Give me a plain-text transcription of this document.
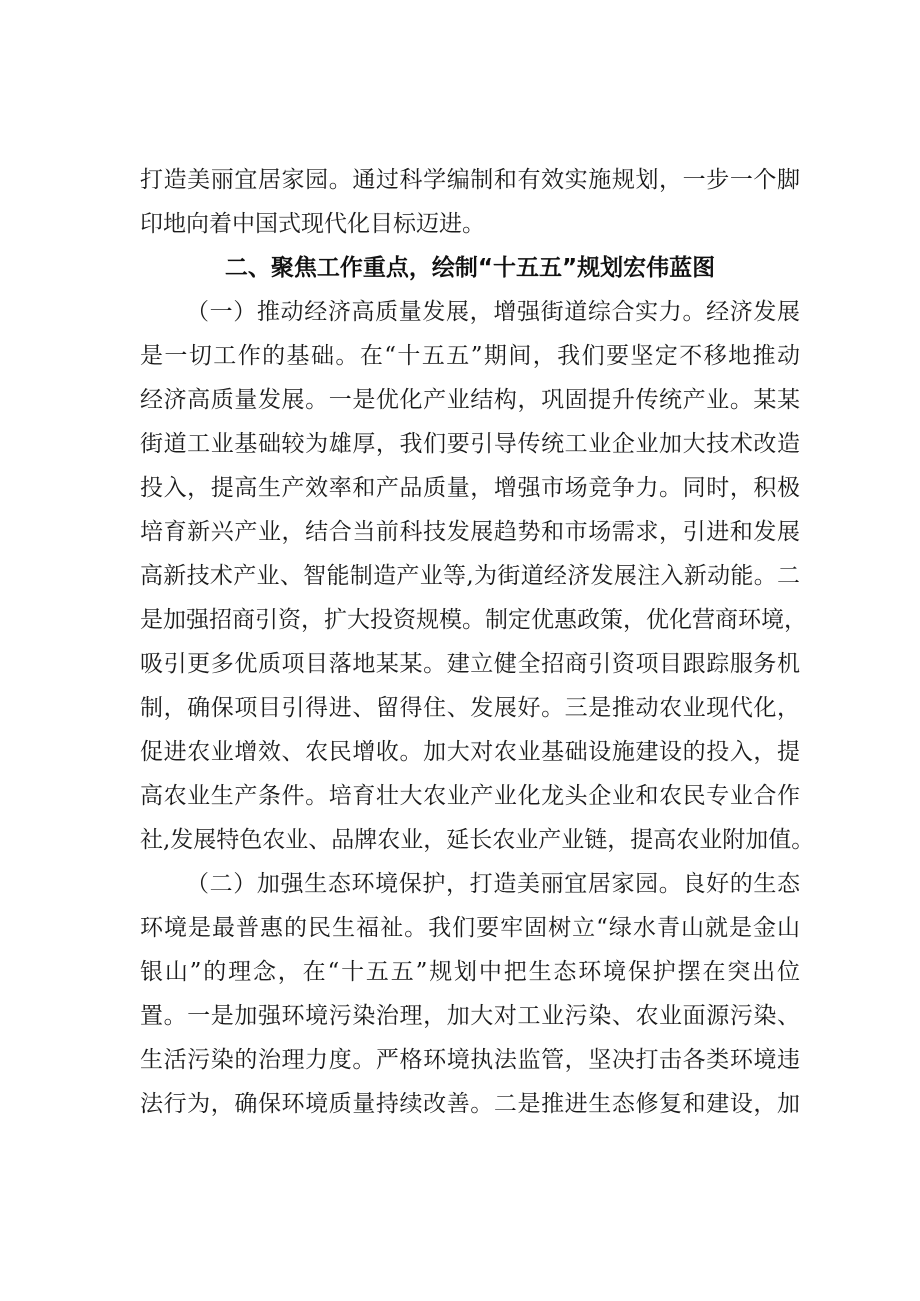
打造美丽宜居家园。通过科学编制和有效实施规划，一步一个脚
印地向着中国式现代化目标迈进。
二、聚焦工作重点，绘制“十五五”规划宏伟蓝图
（一）推动经济高质量发展，增强街道综合实力。经济发展
是一切工作的基础。在“十五五”期间，我们要坚定不移地推动
经济高质量发展。一是优化产业结构，巩固提升传统产业。某某
街道工业基础较为雄厚，我们要引导传统工业企业加大技术改造
投入，提高生产效率和产品质量，增强市场竞争力。同时，积极
培育新兴产业，结合当前科技发展趋势和市场需求，引进和发展
高新技术产业、智能制造产业等,为街道经济发展注入新动能。二
是加强招商引资，扩大投资规模。制定优惠政策，优化营商环境，
吸引更多优质项目落地某某。建立健全招商引资项目跟踪服务机
制，确保项目引得进、留得住、发展好。三是推动农业现代化，
促进农业增效、农民增收。加大对农业基础设施建设的投入，提
高农业生产条件。培育壮大农业产业化龙头企业和农民专业合作
社,发展特色农业、品牌农业，延长农业产业链，提高农业附加值。
（二）加强生态环境保护，打造美丽宜居家园。良好的生态
环境是最普惠的民生福祉。我们要牢固树立“绿水青山就是金山
银山”的理念，在“十五五”规划中把生态环境保护摆在突出位
置。一是加强环境污染治理，加大对工业污染、农业面源污染、
生活污染的治理力度。严格环境执法监管，坚决打击各类环境违
法行为，确保环境质量持续改善。二是推进生态修复和建设，加
